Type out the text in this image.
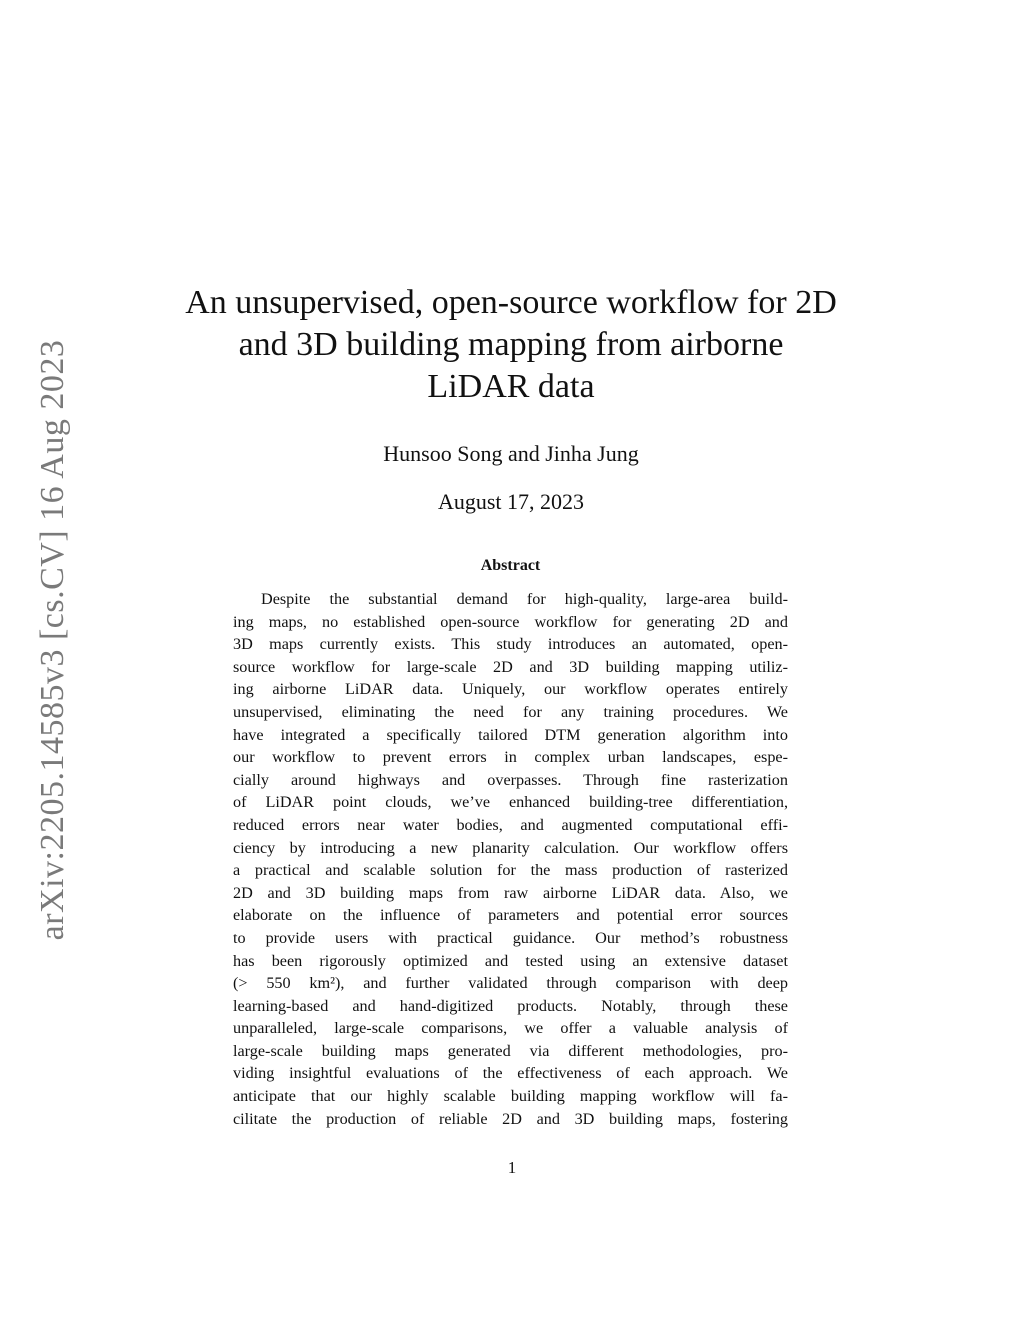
arXiv:2205.14585v3 [cs.CV] 16 Aug 2023
An unsupervised, open-source workflow for 2D
and 3D building mapping from airborne
LiDAR data
Hunsoo Song and Jinha Jung
August 17, 2023
Abstract
Despite the substantial demand for high-quality, large-area build-
ing maps, no established open-source workflow for generating 2D and
3D maps currently exists. This study introduces an automated, open-
source workflow for large-scale 2D and 3D building mapping utiliz-
ing airborne LiDAR data. Uniquely, our workflow operates entirely
unsupervised, eliminating the need for any training procedures. We
have integrated a specifically tailored DTM generation algorithm into
our workflow to prevent errors in complex urban landscapes, espe-
cially around highways and overpasses. Through fine rasterization
of LiDAR point clouds, we’ve enhanced building-tree differentiation,
reduced errors near water bodies, and augmented computational effi-
ciency by introducing a new planarity calculation. Our workflow offers
a practical and scalable solution for the mass production of rasterized
2D and 3D building maps from raw airborne LiDAR data. Also, we
elaborate on the influence of parameters and potential error sources
to provide users with practical guidance. Our method’s robustness
has been rigorously optimized and tested using an extensive dataset
(> 550 km²), and further validated through comparison with deep
learning-based and hand-digitized products. Notably, through these
unparalleled, large-scale comparisons, we offer a valuable analysis of
large-scale building maps generated via different methodologies, pro-
viding insightful evaluations of the effectiveness of each approach. We
anticipate that our highly scalable building mapping workflow will fa-
cilitate the production of reliable 2D and 3D building maps, fostering
1
